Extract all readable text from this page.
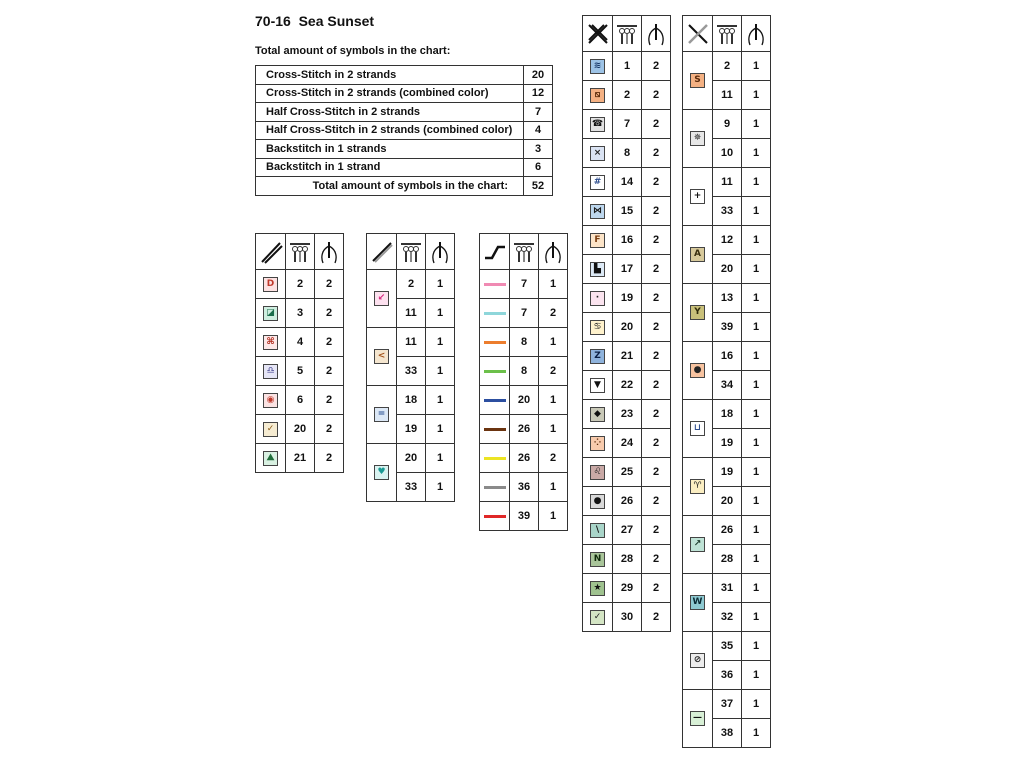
70-16  Sea Sunset
Total amount of symbols in the chart:
Cross-Stitch in 2 strands	20
Cross-Stitch in 2 strands (combined color)	12
Half Cross-Stitch in 2 strands	7
Half Cross-Stitch in 2 strands (combined color)	4
Backstitch in 1 strands	3
Backstitch in 1 strand	6
Total amount of symbols in the chart:	52

D	2	2
◪	3	2
⌘	4	2
♎	5	2
◉	6	2
✓	20	2
⛰	21	2

↙	2	1
	11	1
<	11	1
	33	1
=	18	1
	19	1
♥	20	1
	33	1

	7	1
	7	2
	8	1
	8	2
	20	1
	26	1
	26	2
	36	1
	39	1

≋	1	2
⧅	2	2
☎	7	2
×	8	2
#	14	2
⋈	15	2
F	16	2
▙	17	2
·	19	2
♋	20	2
Z	21	2
▼	22	2
◆	23	2
⁘	24	2
♌	25	2
●	26	2
\	27	2
N	28	2
★	29	2
✓	30	2

S	2	1
	11	1
✵	9	1
	10	1
+	11	1
	33	1
A	12	1
	20	1
Y	13	1
	39	1
●	16	1
	34	1
⊔	18	1
	19	1
♈	19	1
	20	1
↗	26	1
	28	1
W	31	1
	32	1
⊘	35	1
	36	1
—	37	1
	38	1
